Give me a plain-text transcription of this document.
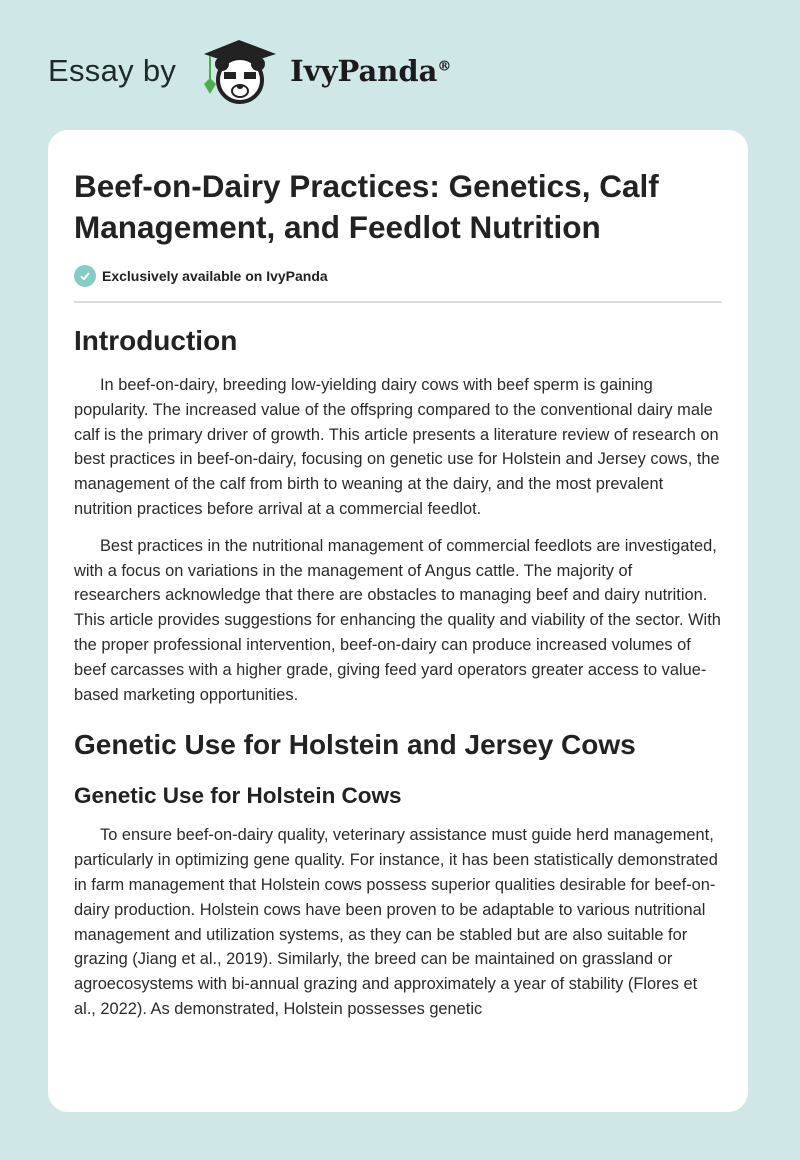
Essay by	IvyPanda®
Beef-on-Dairy Practices: Genetics, Calf Management, and Feedlot Nutrition
Exclusively available on IvyPanda
Introduction

In beef-on-dairy, breeding low-yielding dairy cows with beef sperm is gaining popularity. The increased value of the offspring compared to the conventional dairy male calf is the primary driver of growth. This article presents a literature review of research on best practices in beef-on-dairy, focusing on genetic use for Holstein and Jersey cows, the management of the calf from birth to weaning at the dairy, and the most prevalent nutrition practices before arrival at a commercial feedlot.

Best practices in the nutritional management of commercial feedlots are investigated, with a focus on variations in the management of Angus cattle. The majority of researchers acknowledge that there are obstacles to managing beef and dairy nutrition. This article provides suggestions for enhancing the quality and viability of the sector. With the proper professional intervention, beef-on-dairy can produce increased volumes of beef carcasses with a higher grade, giving feed yard operators greater access to value-based marketing opportunities.

Genetic Use for Holstein and Jersey Cows
Genetic Use for Holstein Cows

To ensure beef-on-dairy quality, veterinary assistance must guide herd management, particularly in optimizing gene quality. For instance, it has been statistically demonstrated in farm management that Holstein cows possess superior qualities desirable for beef-on-dairy production. Holstein cows have been proven to be adaptable to various nutritional management and utilization systems, as they can be stabled but are also suitable for grazing (Jiang et al., 2019). Similarly, the breed can be maintained on grassland or agroecosystems with bi-annual grazing and approximately a year of stability (Flores et al., 2022). As demonstrated, Holstein possesses genetic
